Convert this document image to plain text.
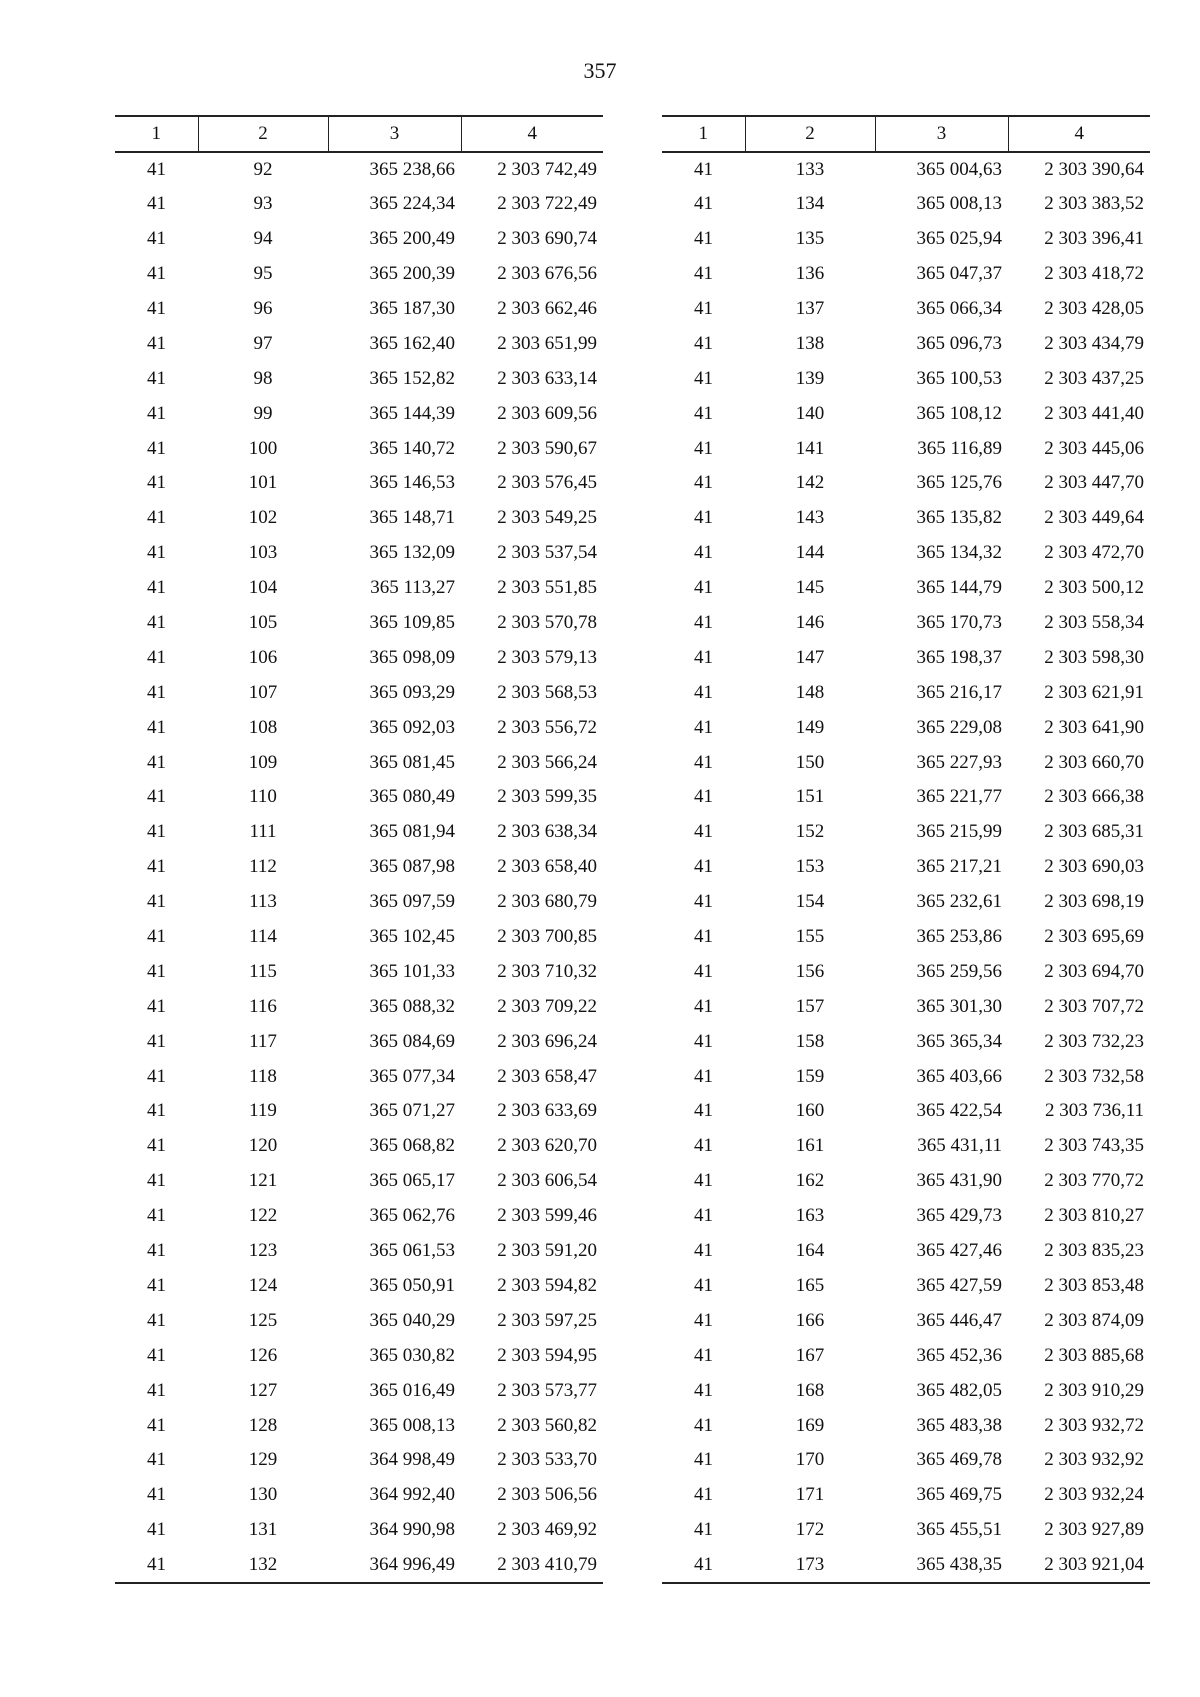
357
1	2	3	4
41	92	365 238,66	2 303 742,49
41	93	365 224,34	2 303 722,49
41	94	365 200,49	2 303 690,74
41	95	365 200,39	2 303 676,56
41	96	365 187,30	2 303 662,46
41	97	365 162,40	2 303 651,99
41	98	365 152,82	2 303 633,14
41	99	365 144,39	2 303 609,56
41	100	365 140,72	2 303 590,67
41	101	365 146,53	2 303 576,45
41	102	365 148,71	2 303 549,25
41	103	365 132,09	2 303 537,54
41	104	365 113,27	2 303 551,85
41	105	365 109,85	2 303 570,78
41	106	365 098,09	2 303 579,13
41	107	365 093,29	2 303 568,53
41	108	365 092,03	2 303 556,72
41	109	365 081,45	2 303 566,24
41	110	365 080,49	2 303 599,35
41	111	365 081,94	2 303 638,34
41	112	365 087,98	2 303 658,40
41	113	365 097,59	2 303 680,79
41	114	365 102,45	2 303 700,85
41	115	365 101,33	2 303 710,32
41	116	365 088,32	2 303 709,22
41	117	365 084,69	2 303 696,24
41	118	365 077,34	2 303 658,47
41	119	365 071,27	2 303 633,69
41	120	365 068,82	2 303 620,70
41	121	365 065,17	2 303 606,54
41	122	365 062,76	2 303 599,46
41	123	365 061,53	2 303 591,20
41	124	365 050,91	2 303 594,82
41	125	365 040,29	2 303 597,25
41	126	365 030,82	2 303 594,95
41	127	365 016,49	2 303 573,77
41	128	365 008,13	2 303 560,82
41	129	364 998,49	2 303 533,70
41	130	364 992,40	2 303 506,56
41	131	364 990,98	2 303 469,92
41	132	364 996,49	2 303 410,79
1	2	3	4
41	133	365 004,63	2 303 390,64
41	134	365 008,13	2 303 383,52
41	135	365 025,94	2 303 396,41
41	136	365 047,37	2 303 418,72
41	137	365 066,34	2 303 428,05
41	138	365 096,73	2 303 434,79
41	139	365 100,53	2 303 437,25
41	140	365 108,12	2 303 441,40
41	141	365 116,89	2 303 445,06
41	142	365 125,76	2 303 447,70
41	143	365 135,82	2 303 449,64
41	144	365 134,32	2 303 472,70
41	145	365 144,79	2 303 500,12
41	146	365 170,73	2 303 558,34
41	147	365 198,37	2 303 598,30
41	148	365 216,17	2 303 621,91
41	149	365 229,08	2 303 641,90
41	150	365 227,93	2 303 660,70
41	151	365 221,77	2 303 666,38
41	152	365 215,99	2 303 685,31
41	153	365 217,21	2 303 690,03
41	154	365 232,61	2 303 698,19
41	155	365 253,86	2 303 695,69
41	156	365 259,56	2 303 694,70
41	157	365 301,30	2 303 707,72
41	158	365 365,34	2 303 732,23
41	159	365 403,66	2 303 732,58
41	160	365 422,54	2 303 736,11
41	161	365 431,11	2 303 743,35
41	162	365 431,90	2 303 770,72
41	163	365 429,73	2 303 810,27
41	164	365 427,46	2 303 835,23
41	165	365 427,59	2 303 853,48
41	166	365 446,47	2 303 874,09
41	167	365 452,36	2 303 885,68
41	168	365 482,05	2 303 910,29
41	169	365 483,38	2 303 932,72
41	170	365 469,78	2 303 932,92
41	171	365 469,75	2 303 932,24
41	172	365 455,51	2 303 927,89
41	173	365 438,35	2 303 921,04
